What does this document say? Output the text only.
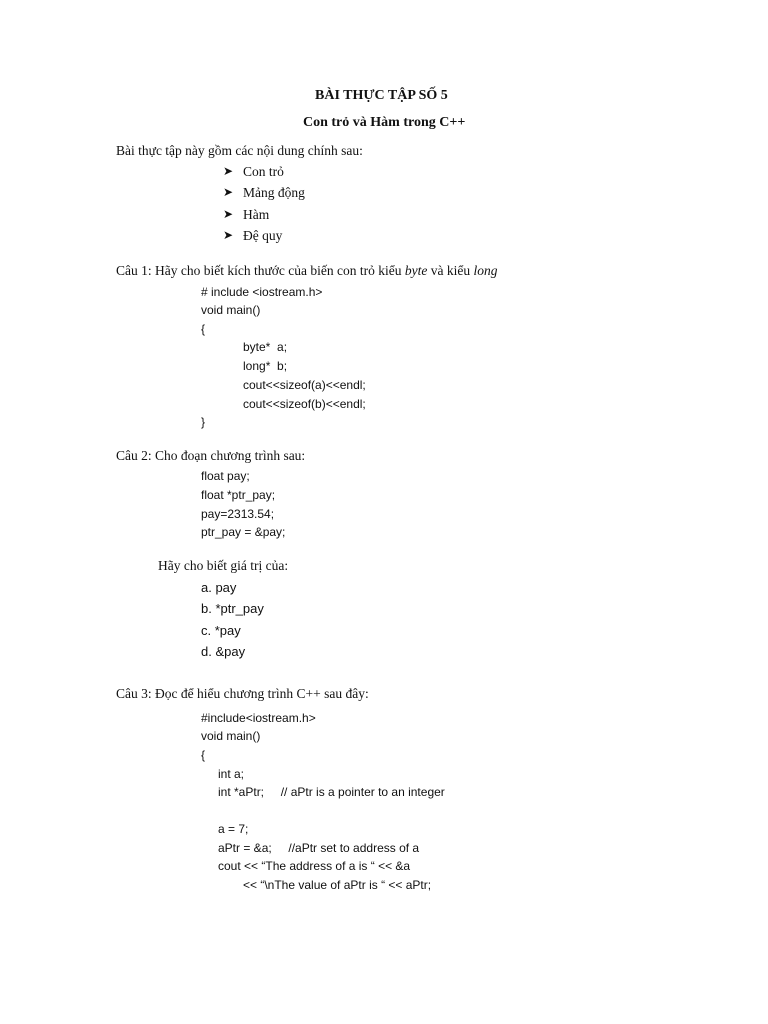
BÀI THỰC TẬP SỐ 5
Con trỏ và Hàm trong C++
Bài thực tập này gồm các nội dung chính sau:
➤ Con trỏ
➤ Mảng động
➤ Hàm
➤ Đệ quy
Câu 1: Hãy cho biết kích thước của biến con trỏ kiểu byte và kiểu long
# include <iostream.h>
void main()
{
byte*  a;
long*  b;
cout<<sizeof(a)<<endl;
cout<<sizeof(b)<<endl;
}
Câu 2: Cho đoạn chương trình sau:
float pay;
float *ptr_pay;
pay=2313.54;
ptr_pay = &pay;
Hãy cho biết giá trị của:
a. pay
b. *ptr_pay
c. *pay
d. &pay
Câu 3: Đọc để hiểu chương trình C++ sau đây:
#include<iostream.h>
void main()
{
int a;
int *aPtr;     // aPtr is a pointer to an integer
a = 7;
aPtr = &a;     //aPtr set to address of a
cout << “The address of a is “ << &a
<< “\nThe value of aPtr is “ << aPtr;
